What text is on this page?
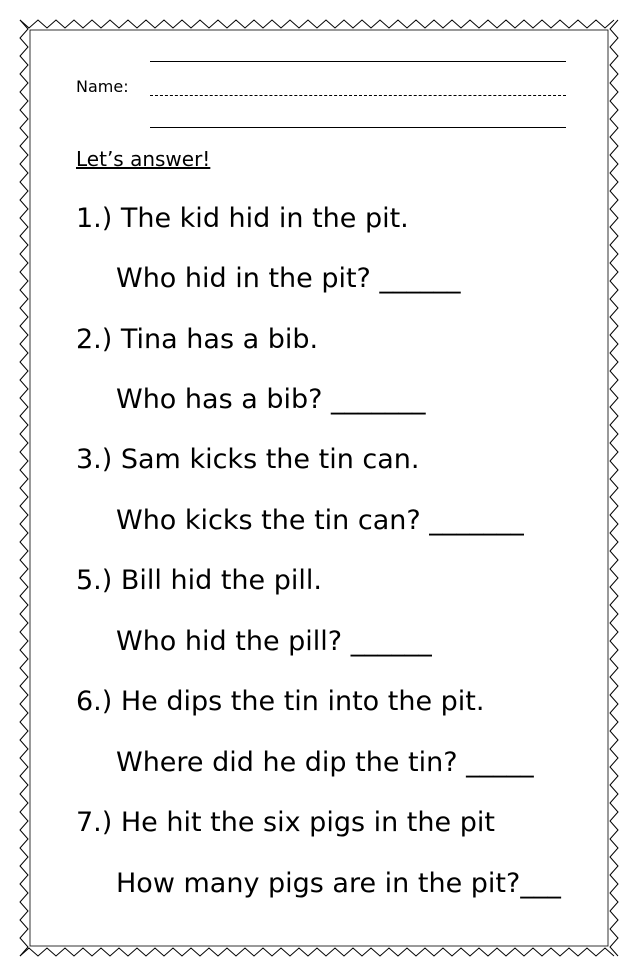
Name:
Let’s answer!
1.) The kid hid in the pit.
Who hid in the pit? ______
2.) Tina has a bib.
Who has a bib? _______
3.) Sam kicks the tin can.
Who kicks the tin can? _______
5.) Bill hid the pill.
Who hid the pill? ______
6.) He dips the tin into the pit.
Where did he dip the tin? _____
7.) He hit the six pigs in the pit
How many pigs are in the pit?___
